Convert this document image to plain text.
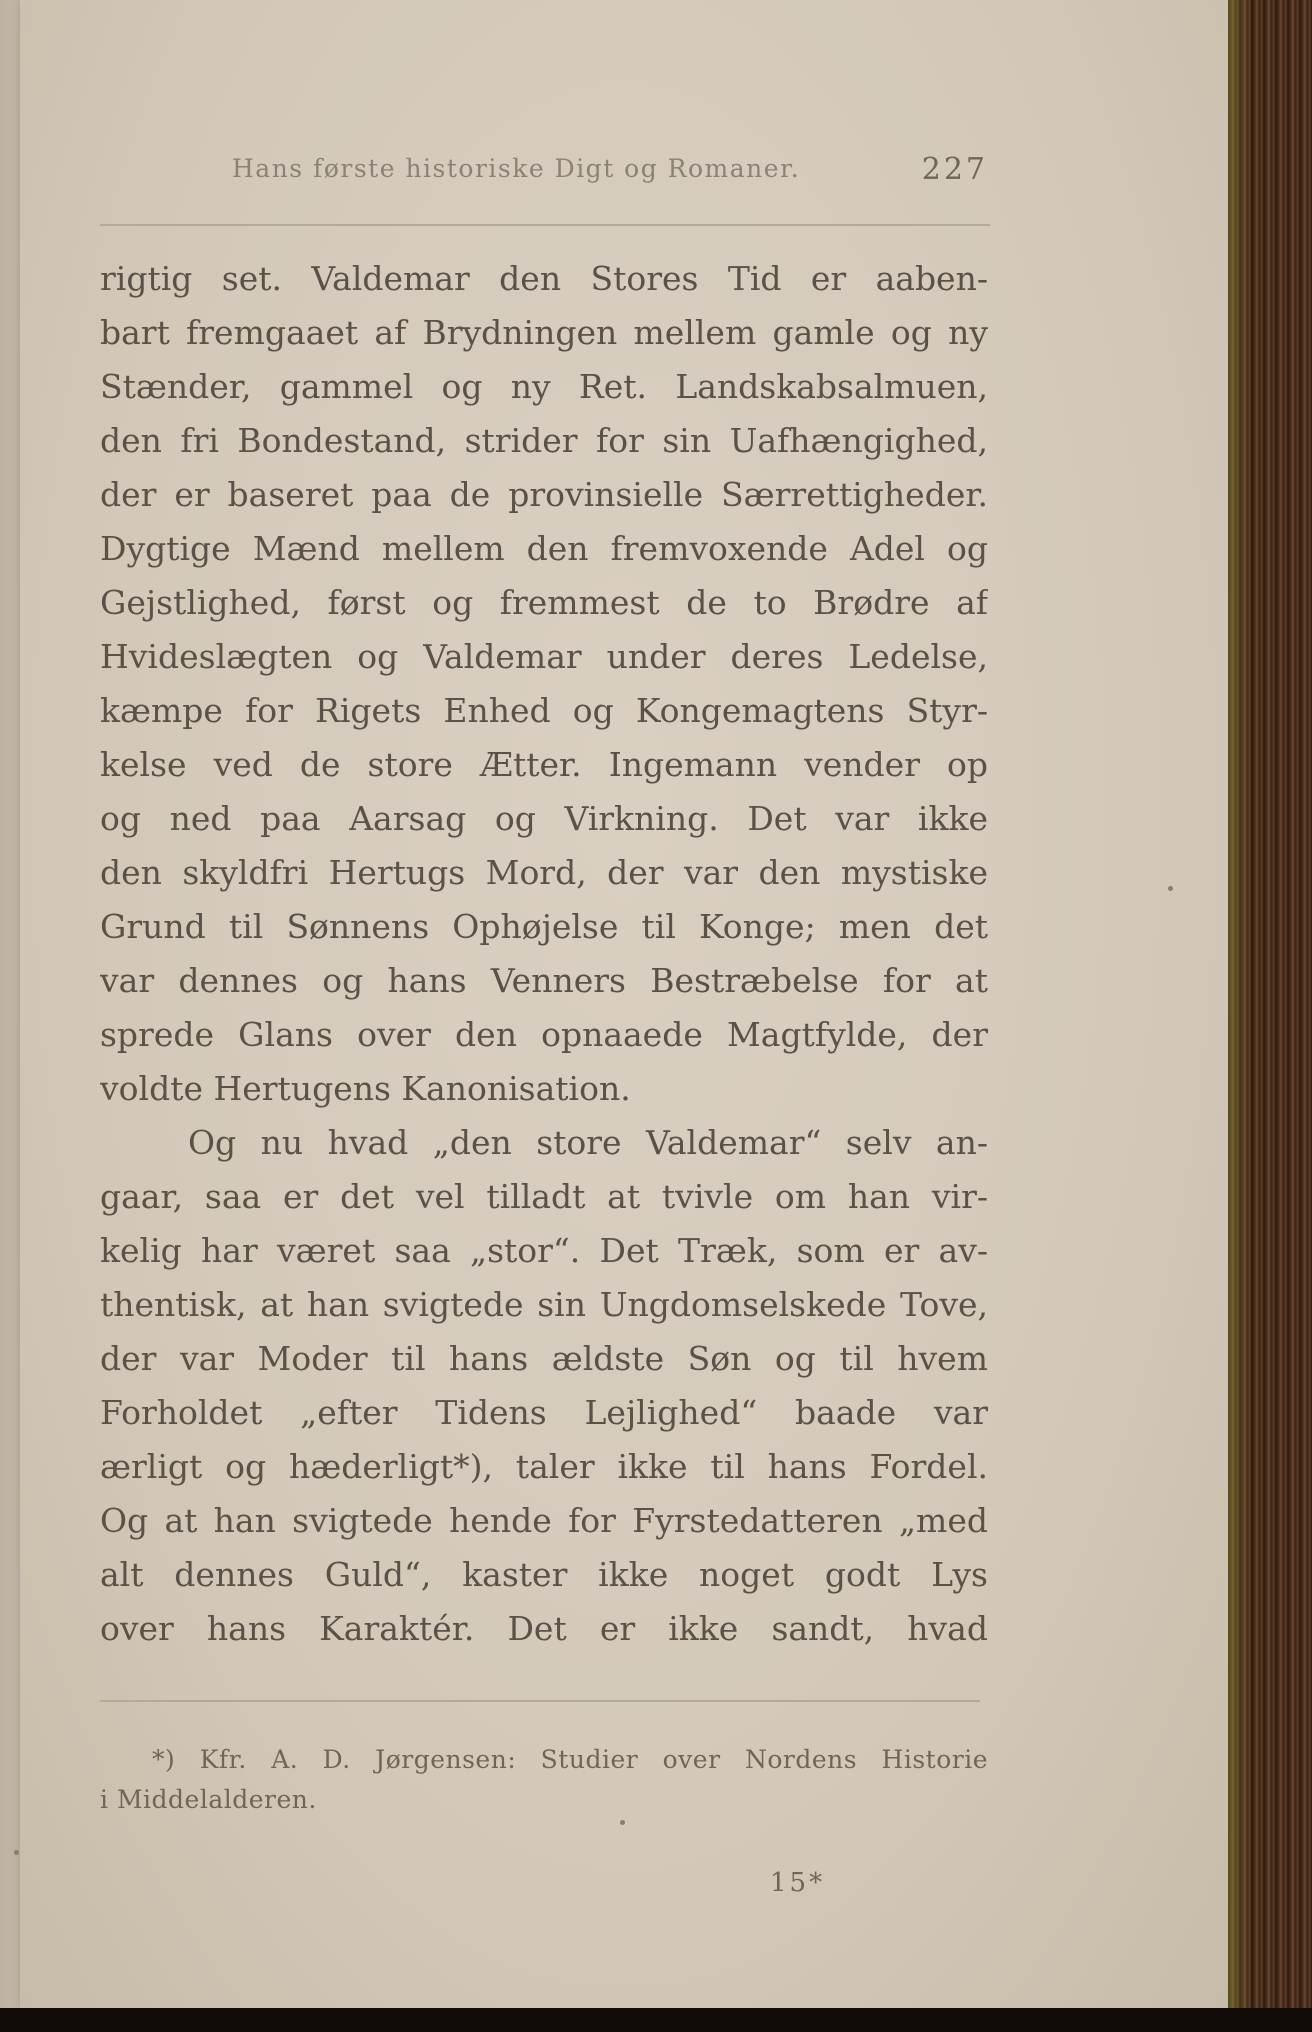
Hans første historiske Digt og Romaner.	227
rigtig set. Valdemar den Stores Tid er aaben-
bart fremgaaet af Brydningen mellem gamle og ny
Stænder, gammel og ny Ret. Landskabsalmuen,
den fri Bondestand, strider for sin Uafhængighed,
der er baseret paa de provinsielle Særrettigheder.
Dygtige Mænd mellem den fremvoxende Adel og
Gejstlighed, først og fremmest de to Brødre af
Hvideslægten og Valdemar under deres Ledelse,
kæmpe for Rigets Enhed og Kongemagtens Styr-
kelse ved de store Ætter. Ingemann vender op
og ned paa Aarsag og Virkning. Det var ikke
den skyldfri Hertugs Mord, der var den mystiske
Grund til Sønnens Ophøjelse til Konge; men det
var dennes og hans Venners Bestræbelse for at
sprede Glans over den opnaaede Magtfylde, der
voldte Hertugens Kanonisation.
Og nu hvad „den store Valdemar“ selv an-
gaar, saa er det vel tilladt at tvivle om han vir-
kelig har været saa „stor“. Det Træk, som er av-
thentisk, at han svigtede sin Ungdomselskede Tove,
der var Moder til hans ældste Søn og til hvem
Forholdet „efter Tidens Lejlighed“ baade var
ærligt og hæderligt*), taler ikke til hans Fordel.
Og at han svigtede hende for Fyrstedatteren „med
alt dennes Guld“, kaster ikke noget godt Lys
over hans Karaktér. Det er ikke sandt, hvad
*) Kfr. A. D. Jørgensen: Studier over Nordens Historie
i Middelalderen.
15*
